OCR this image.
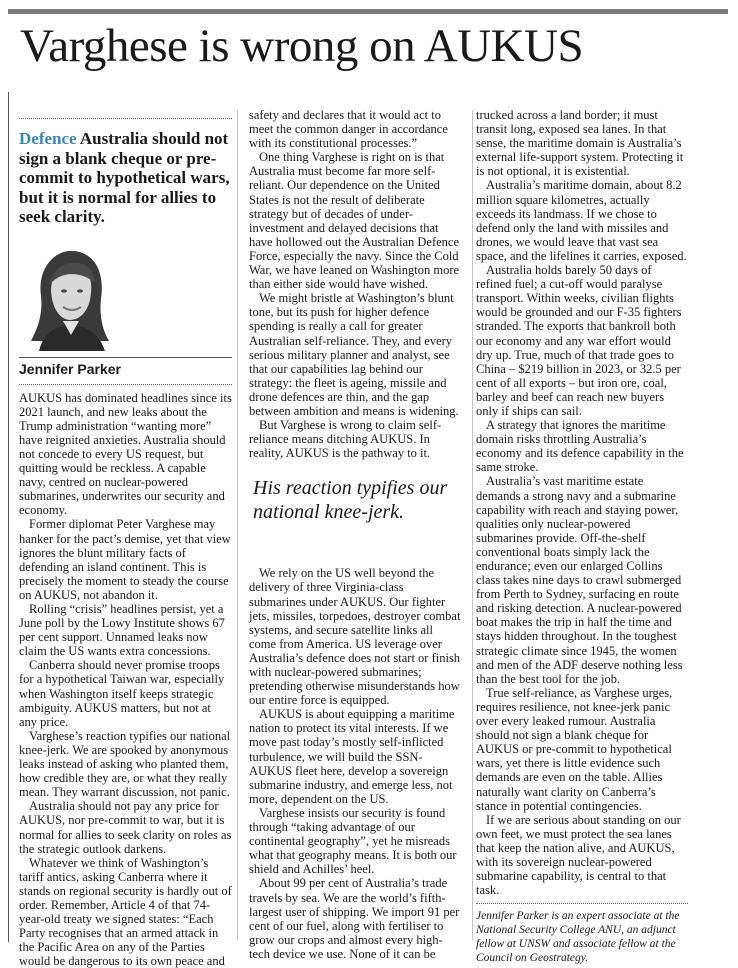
Varghese is wrong on AUKUS
Defence Australia should not sign a blank cheque or pre-commit to hypothetical wars, but it is normal for allies to seek clarity.
Jennifer Parker

AUKUS has dominated headlines since its 2021 launch, and new leaks about the Trump administration “wanting more” have reignited anxieties. Australia should not concede to every US request, but quitting would be reckless. A capable navy, centred on nuclear-powered submarines, underwrites our security and economy.

Former diplomat Peter Varghese may hanker for the pact’s demise, yet that view ignores the blunt military facts of defending an island continent. This is precisely the moment to steady the course on AUKUS, not abandon it.

Rolling “crisis” headlines persist, yet a June poll by the Lowy Institute shows 67 per cent support. Unnamed leaks now claim the US wants extra concessions.

Canberra should never promise troops for a hypothetical Taiwan war, especially when Washington itself keeps strategic ambiguity. AUKUS matters, but not at any price.

Varghese’s reaction typifies our national knee-jerk. We are spooked by anonymous leaks instead of asking who planted them, how credible they are, or what they really mean. They warrant discussion, not panic.

Australia should not pay any price for AUKUS, nor pre-commit to war, but it is normal for allies to seek clarity on roles as the strategic outlook darkens.

Whatever we think of Washington’s tariff antics, asking Canberra where it stands on regional security is hardly out of order. Remember, Article 4 of that 74-year-old treaty we signed states: “Each Party recognises that an armed attack in the Pacific Area on any of the Parties would be dangerous to its own peace and

safety and declares that it would act to meet the common danger in accordance with its constitutional processes.”

One thing Varghese is right on is that Australia must become far more self-reliant. Our dependence on the United States is not the result of deliberate strategy but of decades of under-investment and delayed decisions that have hollowed out the Australian Defence Force, especially the navy. Since the Cold War, we have leaned on Washington more than either side would have wished.

We might bristle at Washington’s blunt tone, but its push for higher defence spending is really a call for greater Australian self-reliance. They, and every serious military planner and analyst, see that our capabilities lag behind our strategy: the fleet is ageing, missile and drone defences are thin, and the gap between ambition and means is widening.

But Varghese is wrong to claim self-reliance means ditching AUKUS. In reality, AUKUS is the pathway to it.

His reaction typifies our national knee-jerk.

We rely on the US well beyond the delivery of three Virginia-class submarines under AUKUS. Our fighter jets, missiles, torpedoes, destroyer combat systems, and secure satellite links all come from America. US leverage over Australia’s defence does not start or finish with nuclear-powered submarines; pretending otherwise misunderstands how our entire force is equipped.

AUKUS is about equipping a maritime nation to protect its vital interests. If we move past today’s mostly self-inflicted turbulence, we will build the SSN-AUKUS fleet here, develop a sovereign submarine industry, and emerge less, not more, dependent on the US.

Varghese insists our security is found through “taking advantage of our continental geography”, yet he misreads what that geography means. It is both our shield and Achilles’ heel.

About 99 per cent of Australia’s trade travels by sea. We are the world’s fifth-largest user of shipping. We import 91 per cent of our fuel, along with fertiliser to grow our crops and almost every high-tech device we use. None of it can be

trucked across a land border; it must transit long, exposed sea lanes. In that sense, the maritime domain is Australia’s external life-support system. Protecting it is not optional, it is existential.

Australia’s maritime domain, about 8.2 million square kilometres, actually exceeds its landmass. If we chose to defend only the land with missiles and drones, we would leave that vast sea space, and the lifelines it carries, exposed.

Australia holds barely 50 days of refined fuel; a cut-off would paralyse transport. Within weeks, civilian flights would be grounded and our F-35 fighters stranded. The exports that bankroll both our economy and any war effort would dry up. True, much of that trade goes to China – $219 billion in 2023, or 32.5 per cent of all exports – but iron ore, coal, barley and beef can reach new buyers only if ships can sail.

A strategy that ignores the maritime domain risks throttling Australia’s economy and its defence capability in the same stroke.

Australia’s vast maritime estate demands a strong navy and a submarine capability with reach and staying power, qualities only nuclear-powered submarines provide. Off-the-shelf conventional boats simply lack the endurance; even our enlarged Collins class takes nine days to crawl submerged from Perth to Sydney, surfacing en route and risking detection. A nuclear-powered boat makes the trip in half the time and stays hidden throughout. In the toughest strategic climate since 1945, the women and men of the ADF deserve nothing less than the best tool for the job.

True self-reliance, as Varghese urges, requires resilience, not knee-jerk panic over every leaked rumour. Australia should not sign a blank cheque for AUKUS or pre-commit to hypothetical wars, yet there is little evidence such demands are even on the table. Allies naturally want clarity on Canberra’s stance in potential contingencies.

If we are serious about standing on our own feet, we must protect the sea lanes that keep the nation alive, and AUKUS, with its sovereign nuclear-powered submarine capability, is central to that task.

Jennifer Parker is an expert associate at the National Security College ANU, an adjunct fellow at UNSW and associate fellow at the Council on Geostrategy.
